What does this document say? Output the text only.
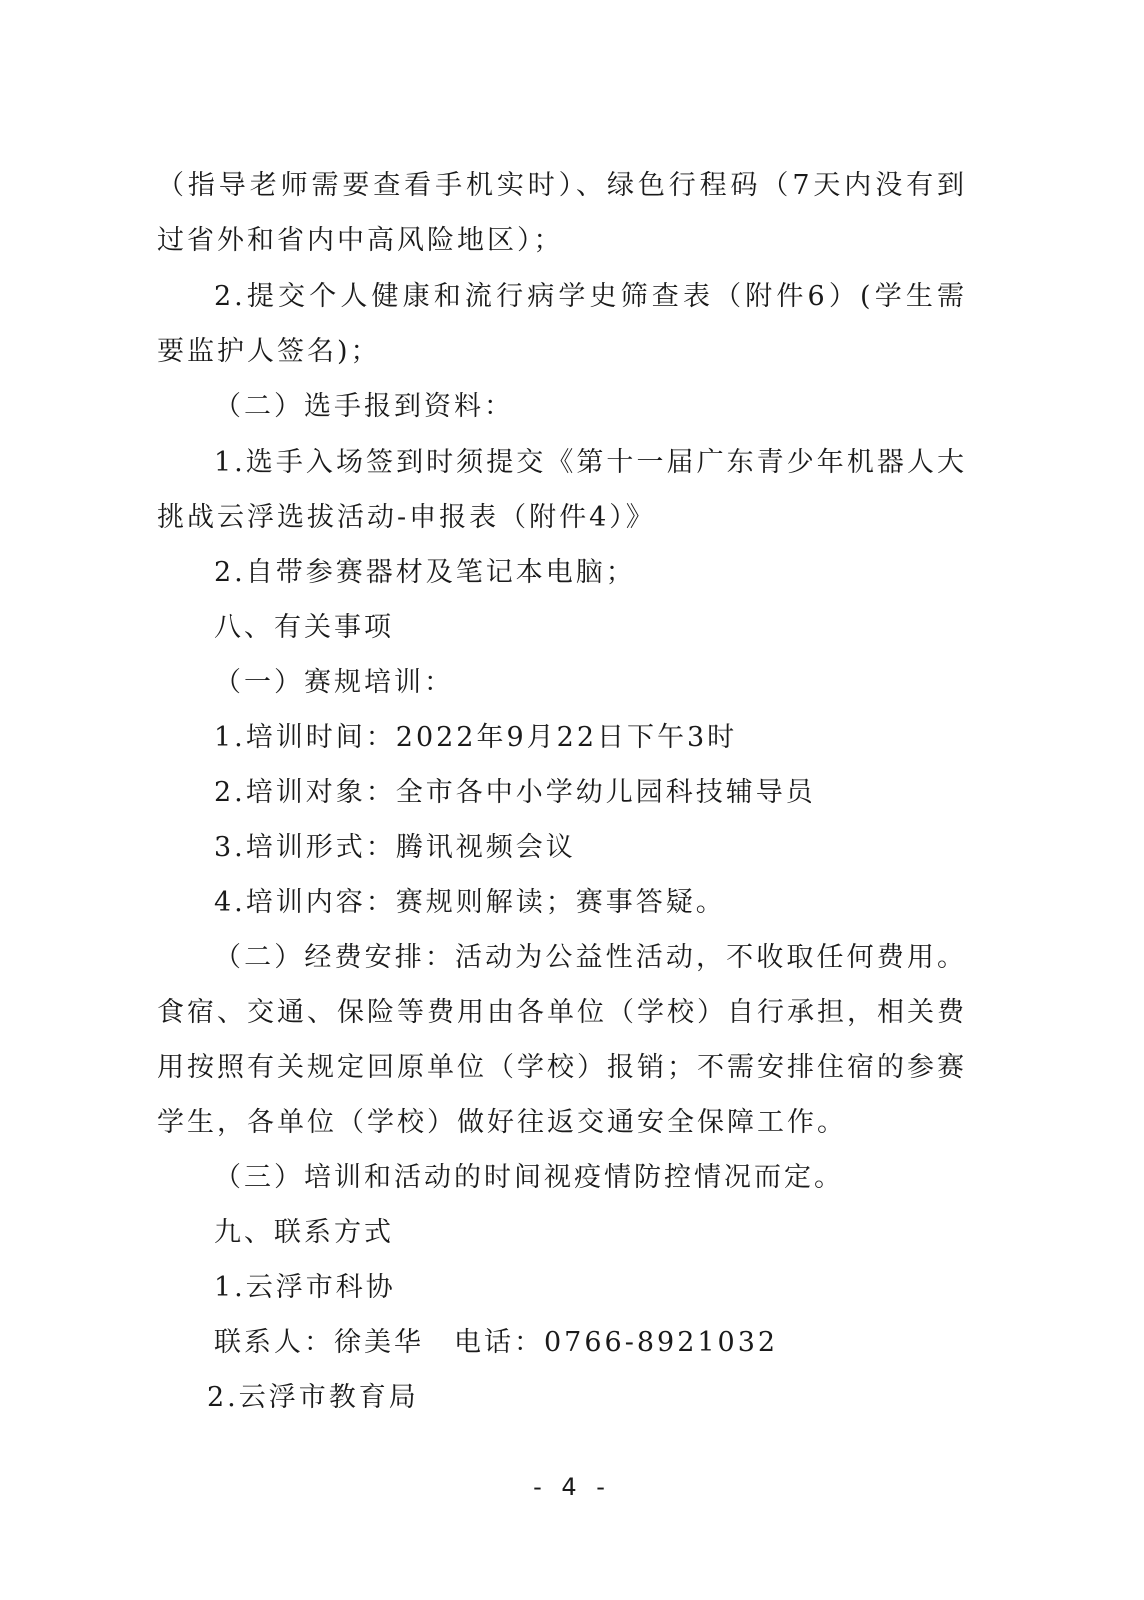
（指导老师需要查看手机实时）、绿色行程码（7天内没有到
过省外和省内中高风险地区）；
2.提交个人健康和流行病学史筛查表（附件6）(学生需
要监护人签名)；
（二）选手报到资料：
1.选手入场签到时须提交《第十一届广东青少年机器人大
挑战云浮选拔活动-申报表（附件4）》
2.自带参赛器材及笔记本电脑；
八、有关事项
（一）赛规培训：
1.培训时间：2022年9月22日下午3时
2.培训对象：全市各中小学幼儿园科技辅导员
3.培训形式：腾讯视频会议
4.培训内容：赛规则解读；赛事答疑。
（二）经费安排：活动为公益性活动，不收取任何费用。
食宿、交通、保险等费用由各单位（学校）自行承担，相关费
用按照有关规定回原单位（学校）报销；不需安排住宿的参赛
学生，各单位（学校）做好往返交通安全保障工作。
（三）培训和活动的时间视疫情防控情况而定。
九、联系方式
1.云浮市科协
联系人：徐美华　电话：0766-8921032
2.云浮市教育局
- 4 -
